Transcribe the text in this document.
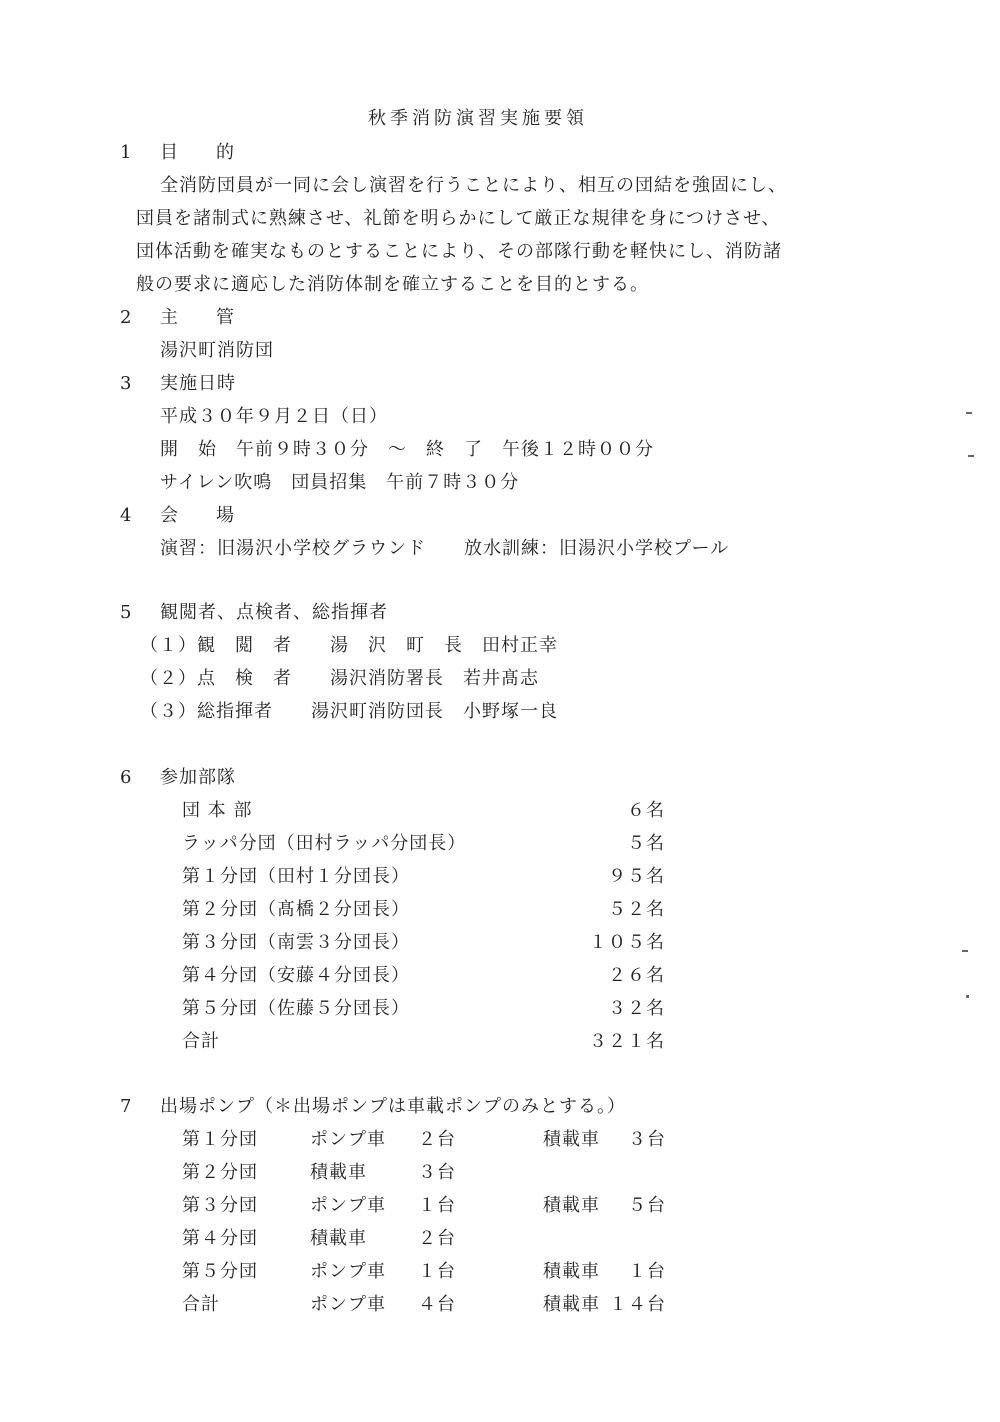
秋季消防演習実施要領
1 目　的
全消防団員が一同に会し演習を行うことにより、相互の団結を強固にし、
団員を諸制式に熟練させ、礼節を明らかにして厳正な規律を身につけさせ、
団体活動を確実なものとすることにより、その部隊行動を軽快にし、消防諸
般の要求に適応した消防体制を確立することを目的とする。
2 主　管
湯沢町消防団
3 実施日時
平成３０年９月２日（日）
開　始　午前９時３０分　～　終　了　午後１２時００分
サイレン吹鳴　団員招集　午前７時３０分
4 会　場
演習：旧湯沢小学校グラウンド　　放水訓練：旧湯沢小学校プール
5 観閲者、点検者、総指揮者
（１）観　閲　者　　湯　沢　町　長　田村正幸
（２）点　検　者　　湯沢消防署長　若井髙志
（３）総指揮者　　湯沢町消防団長　小野塚一良
6 参加部隊
団 本 部	６名
ラッパ分団（田村ラッパ分団長）	５名
第１分団（田村１分団長）	９５名
第２分団（髙橋２分団長）	５２名
第３分団（南雲３分団長）	１０５名
第４分団（安藤４分団長）	２６名
第５分団（佐藤５分団長）	３２名
合計	３２１名
7 出場ポンプ（＊出場ポンプは車載ポンプのみとする。）
第１分団	ポンプ車 ２台	積載車	３台
第２分団	積載車	３台
第３分団	ポンプ車 １台	積載車	５台
第４分団	積載車	２台
第５分団	ポンプ車 １台	積載車	１台
合計	ポンプ車 ４台	積載車 １４台
